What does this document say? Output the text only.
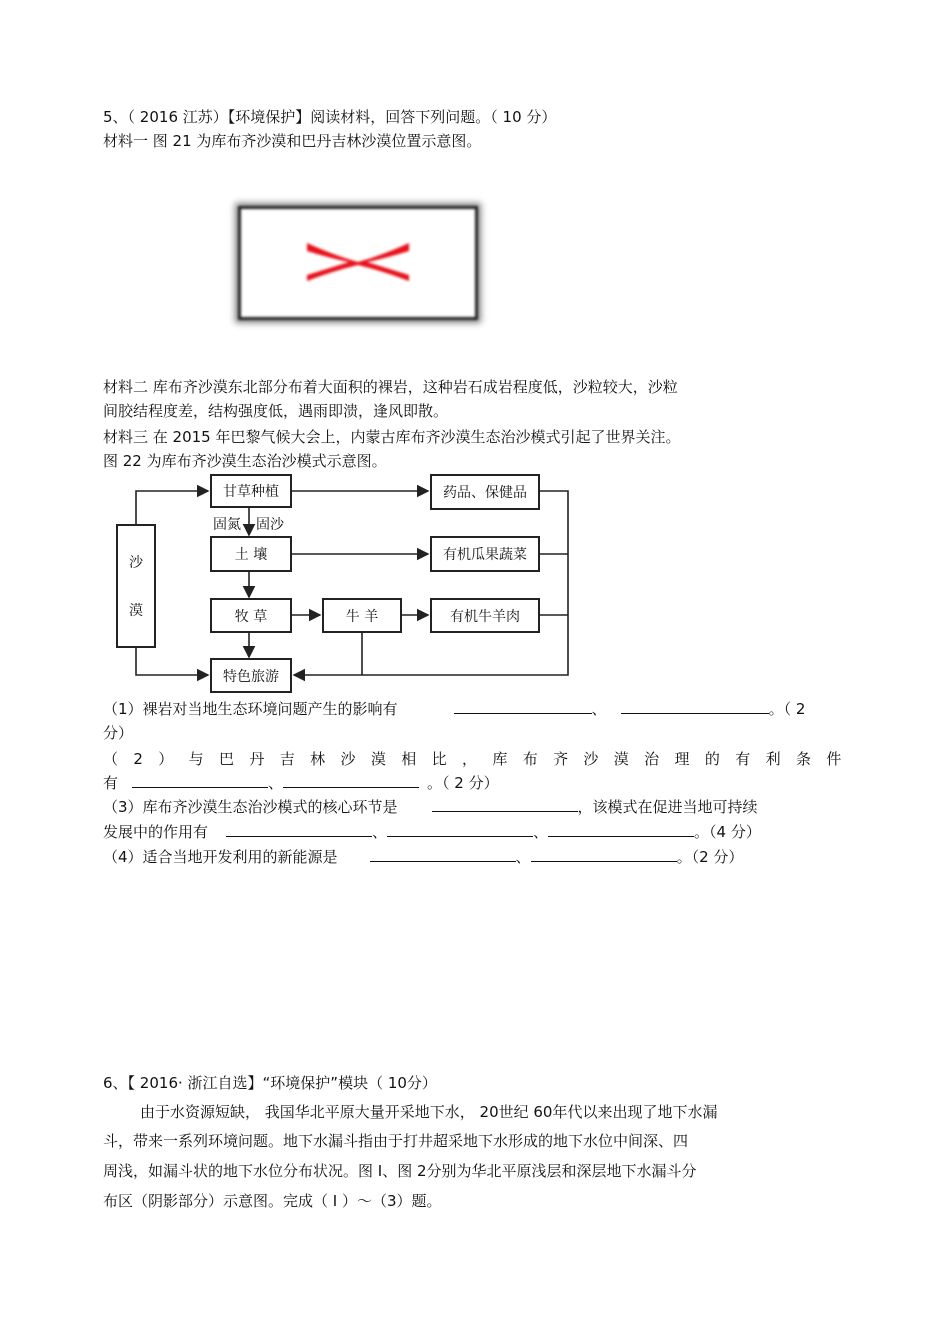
5、（ 2016 江苏）【环境保护】阅读材料，回答下列问题。（ 10 分）
材料一 图 21 为库布齐沙漠和巴丹吉林沙漠位置示意图。
材料二 库布齐沙漠东北部分布着大面积的裸岩，这种岩石成岩程度低，沙粒较大，沙粒
间胶结程度差，结构强度低，遇雨即溃，逢风即散。
材料三 在 2015 年巴黎气候大会上，内蒙古库布齐沙漠生态治沙模式引起了世界关注。
图 22 为库布齐沙漠生态治沙模式示意图。
沙
漠
甘草种植
固氮 固沙
土 壤
牧 草	牛 羊
特色旅游
药品、保健品
有机瓜果蔬菜
有机牛羊肉
（1）裸岩对当地生态环境问题产生的影响有	、	。（ 2
分）
（ 2 ） 与 巴 丹 吉 林 沙 漠 相 比 ， 库 布 齐 沙 漠 治 理 的 有 利 条 件
有	、	。（ 2 分）
（3）库布齐沙漠生态治沙模式的核心环节是	，该模式在促进当地可持续
发展中的作用有	、	、	。（4 分）
（4）适合当地开发利用的新能源是	、	。（2 分）
6、【 2016· 浙江自选】“环境保护”模块（ 10分）
由于水资源短缺， 我国华北平原大量开采地下水， 20世纪 60年代以来出现了地下水漏
斗，带来一系列环境问题。地下水漏斗指由于打井超采地下水形成的地下水位中间深、四
周浅，如漏斗状的地下水位分布状况。图 Ⅰ、图 2分别为华北平原浅层和深层地下水漏斗分
布区（阴影部分）示意图。完成（ Ⅰ ）～（3）题。
